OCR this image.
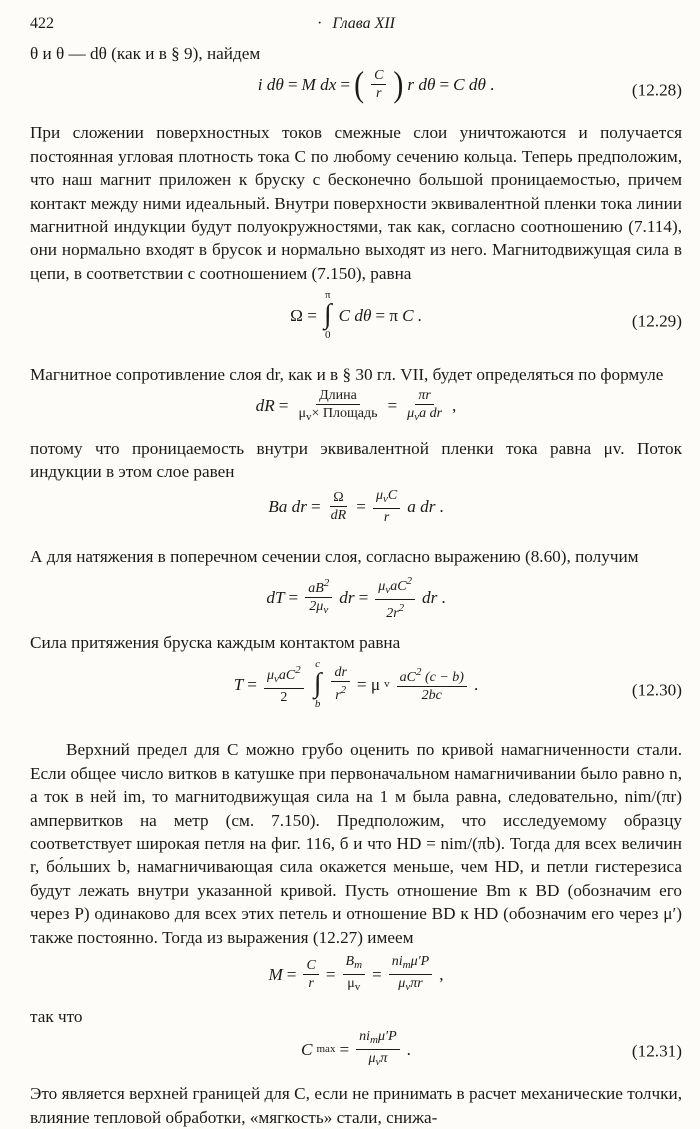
422	· Глава XII

θ и θ — dθ (как и в § 9), найдем

i dθ = M dx = ( $\frac{C}{r}$ ) r dθ = C dθ .	(12.28)

При сложении поверхностных токов смежные слои уничтожаются и получается постоянная угловая плотность тока C по любому сечению кольца. Теперь предположим, что наш магнит приложен к бруску с бесконечно большой проницаемостью, причем контакт между ними идеальный. Внутри поверхности эквивалентной пленки тока линии магнитной индукции будут полуокружностями, так как, согласно соотношению (7.114), они нормально входят в брусок и нормально выходят из него. Магнитодвижущая сила в цепи, в соответствии с соотношением (7.150), равна

Ω =
π
∫
0
C dθ = π C .	(12.29)

Магнитное сопротивление слоя dr, как и в § 30 гл. VII, будет определяться по формуле

dR = $\frac{\text{Длина}}{\mu_v\times Площадь} = \frac{\pi r}{\mu_va dr}$ ,

потому что проницаемость внутри эквивалентной пленки тока равна μv. Поток индукции в этом слое равен

Ba dr = $\frac{\Omega}{dR} = \frac{\mu_vC}{r}$ a dr .

А для натяжения в поперечном сечении слоя, согласно выражению (8.60), получим

dT = $\frac{aB^2}{2\mu_v}$ dr = $\frac{\mu_vaC^2}{2r^2}$ dr .

Сила притяжения бруска каждым контактом равна

$T = \frac{\mu_vaC^2}{2}$ c
∫
b $\frac{dr}{r^2} = \mu$ v $\frac{aC^2 (c - b)}{2bc}$ .	(12.30)

Верхний предел для C можно грубо оценить по кривой намагниченности стали. Если общее число витков в катушке при первоначальном намагничивании было равно n, а ток в ней im, то магнитодвижущая сила на 1 м была равна, следовательно, nim/(πr) ампервитков на метр (см. 7.150). Предположим, что исследуемому образцу соответствует широкая петля на фиг. 116, б и что HD = nim/(πb). Тогда для всех величин r, бо́льших b, намагничивающая сила окажется меньше, чем HD, и петли гистерезиса будут лежать внутри указанной кривой. Пусть отношение Bm к BD (обозначим его через P) одинаково для всех этих петель и отношение BD к HD (обозначим его через μ′) также постоянно. Тогда из выражения (12.27) имеем

$M = \frac{C}{r} = \frac{B_m}{\mu_v} = \frac{ni_m\mu'P}{\mu_v\pi r}$ ,

так что

C $\max = \frac{ni_m\mu'P}{\mu_v\pi}$ .	(12.31)

Это является верхней границей для C, если не принимать в расчет механические толчки, влияние тепловой обработки, «мягкость» стали, снижа-
